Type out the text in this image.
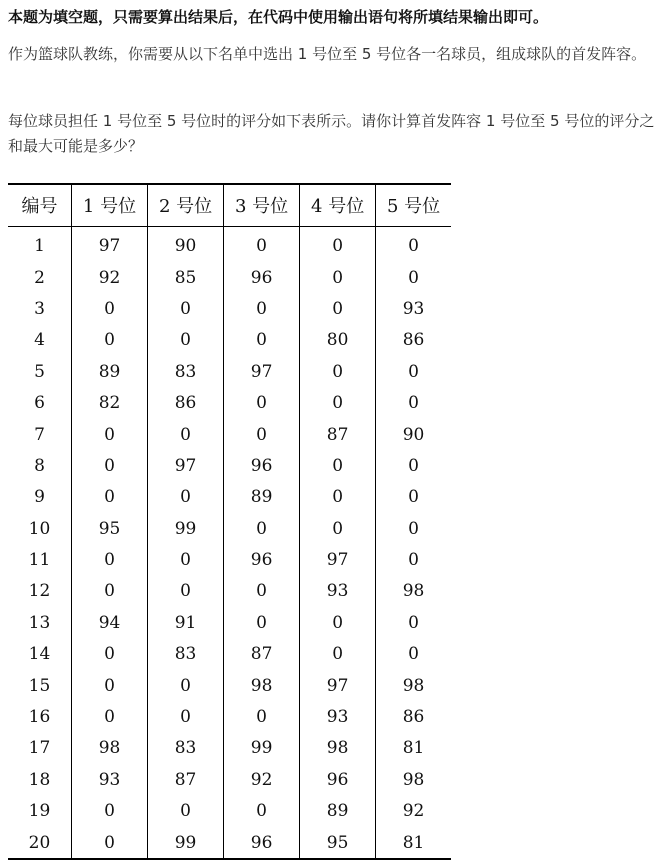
本题为填空题，只需要算出结果后，在代码中使用输出语句将所填结果输出即可。
作为篮球队教练，你需要从以下名单中选出 1 号位至 5 号位各一名球员，组成球队的首发阵容。
每位球员担任 1 号位至 5 号位时的评分如下表所示。请你计算首发阵容 1 号位至 5 号位的评分之和最大可能是多少？
编号	1 号位	2 号位	3 号位	4 号位	5 号位
1	97	90	0	0	0
2	92	85	96	0	0
3	0	0	0	0	93
4	0	0	0	80	86
5	89	83	97	0	0
6	82	86	0	0	0
7	0	0	0	87	90
8	0	97	96	0	0
9	0	0	89	0	0
10	95	99	0	0	0
11	0	0	96	97	0
12	0	0	0	93	98
13	94	91	0	0	0
14	0	83	87	0	0
15	0	0	98	97	98
16	0	0	0	93	86
17	98	83	99	98	81
18	93	87	92	96	98
19	0	0	0	89	92
20	0	99	96	95	81
